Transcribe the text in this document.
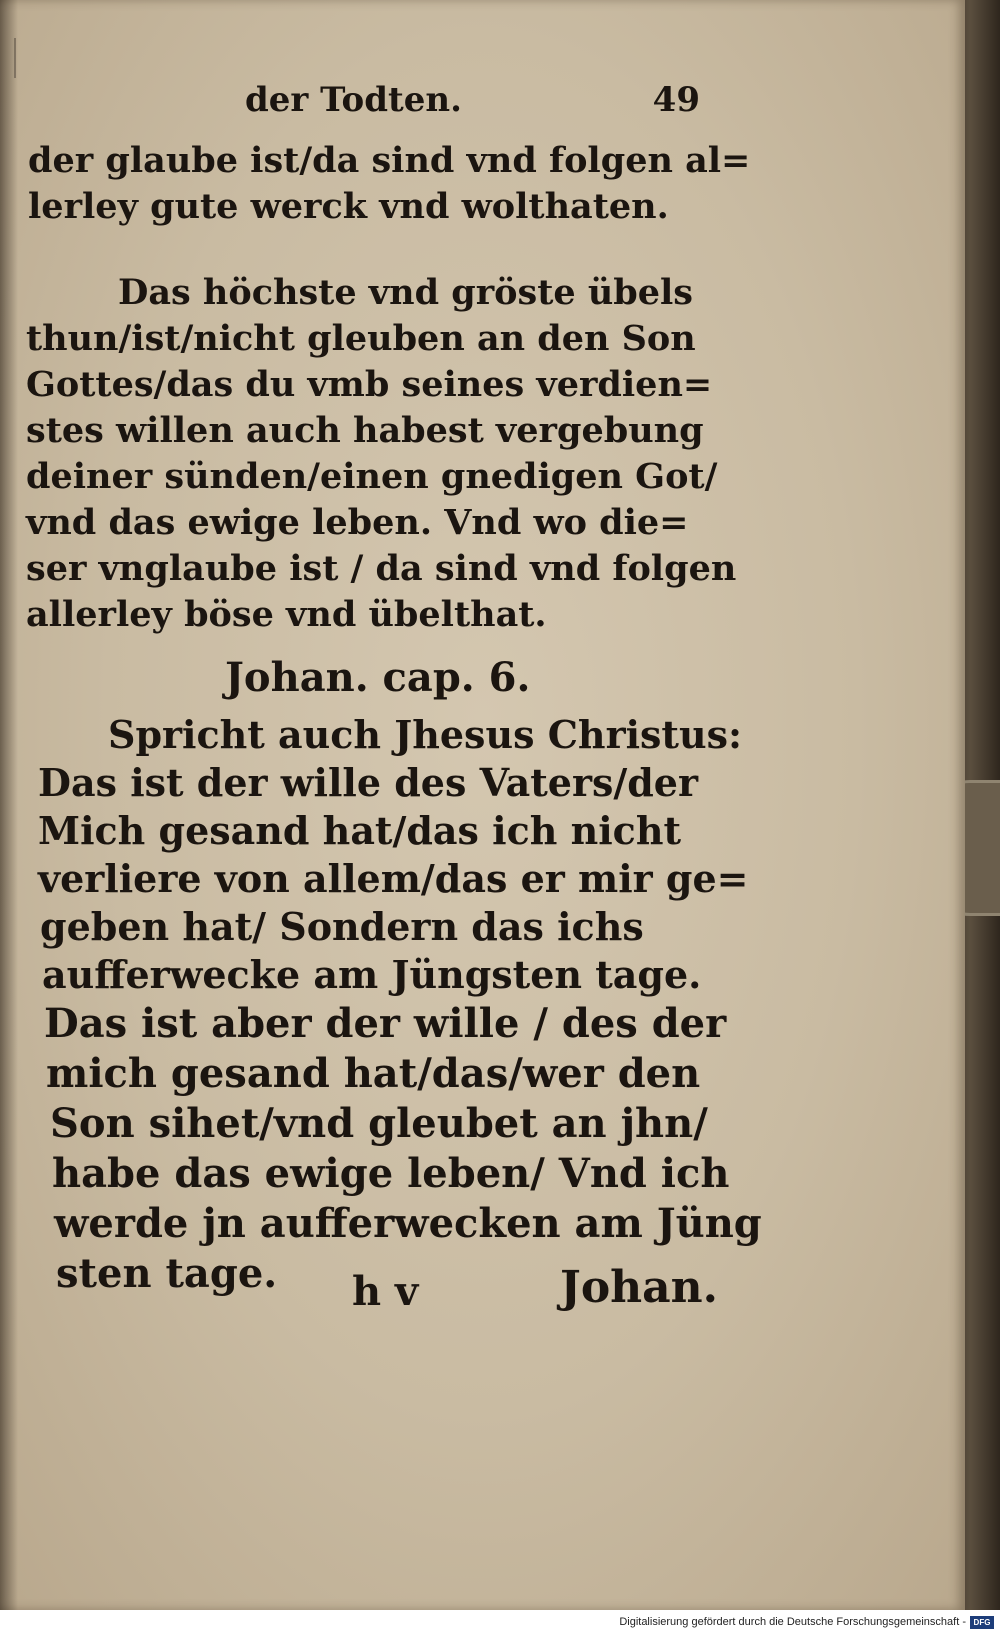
der Todten.	49
der glaube ist/da sind vnd folgen al=
lerley gute werck vnd wolthaten.
Das höchste vnd gröste übels
thun/ist/nicht gleuben an den Son
Gottes/das du vmb seines verdien=
stes willen auch habest vergebung
deiner sünden/einen gnedigen Got/
vnd das ewige leben. Vnd wo die=
ser vnglaube ist / da sind vnd folgen
allerley böse vnd übelthat.
Johan. cap. 6.
Spricht auch Jhesus Christus:
Das ist der wille des Vaters/der
Mich gesand hat/das ich nicht
verliere von allem/das er mir ge=
geben hat/ Sondern das ichs
aufferwecke am Jüngsten tage.
Das ist aber der wille / des der
mich gesand hat/das/wer den
Son sihet/vnd gleubet an jhn/
habe das ewige leben/ Vnd ich
werde jn aufferwecken am Jüng
sten tage. h v	Johan.
Digitalisierung gefördert durch die Deutsche Forschungsgemeinschaft - DFG
